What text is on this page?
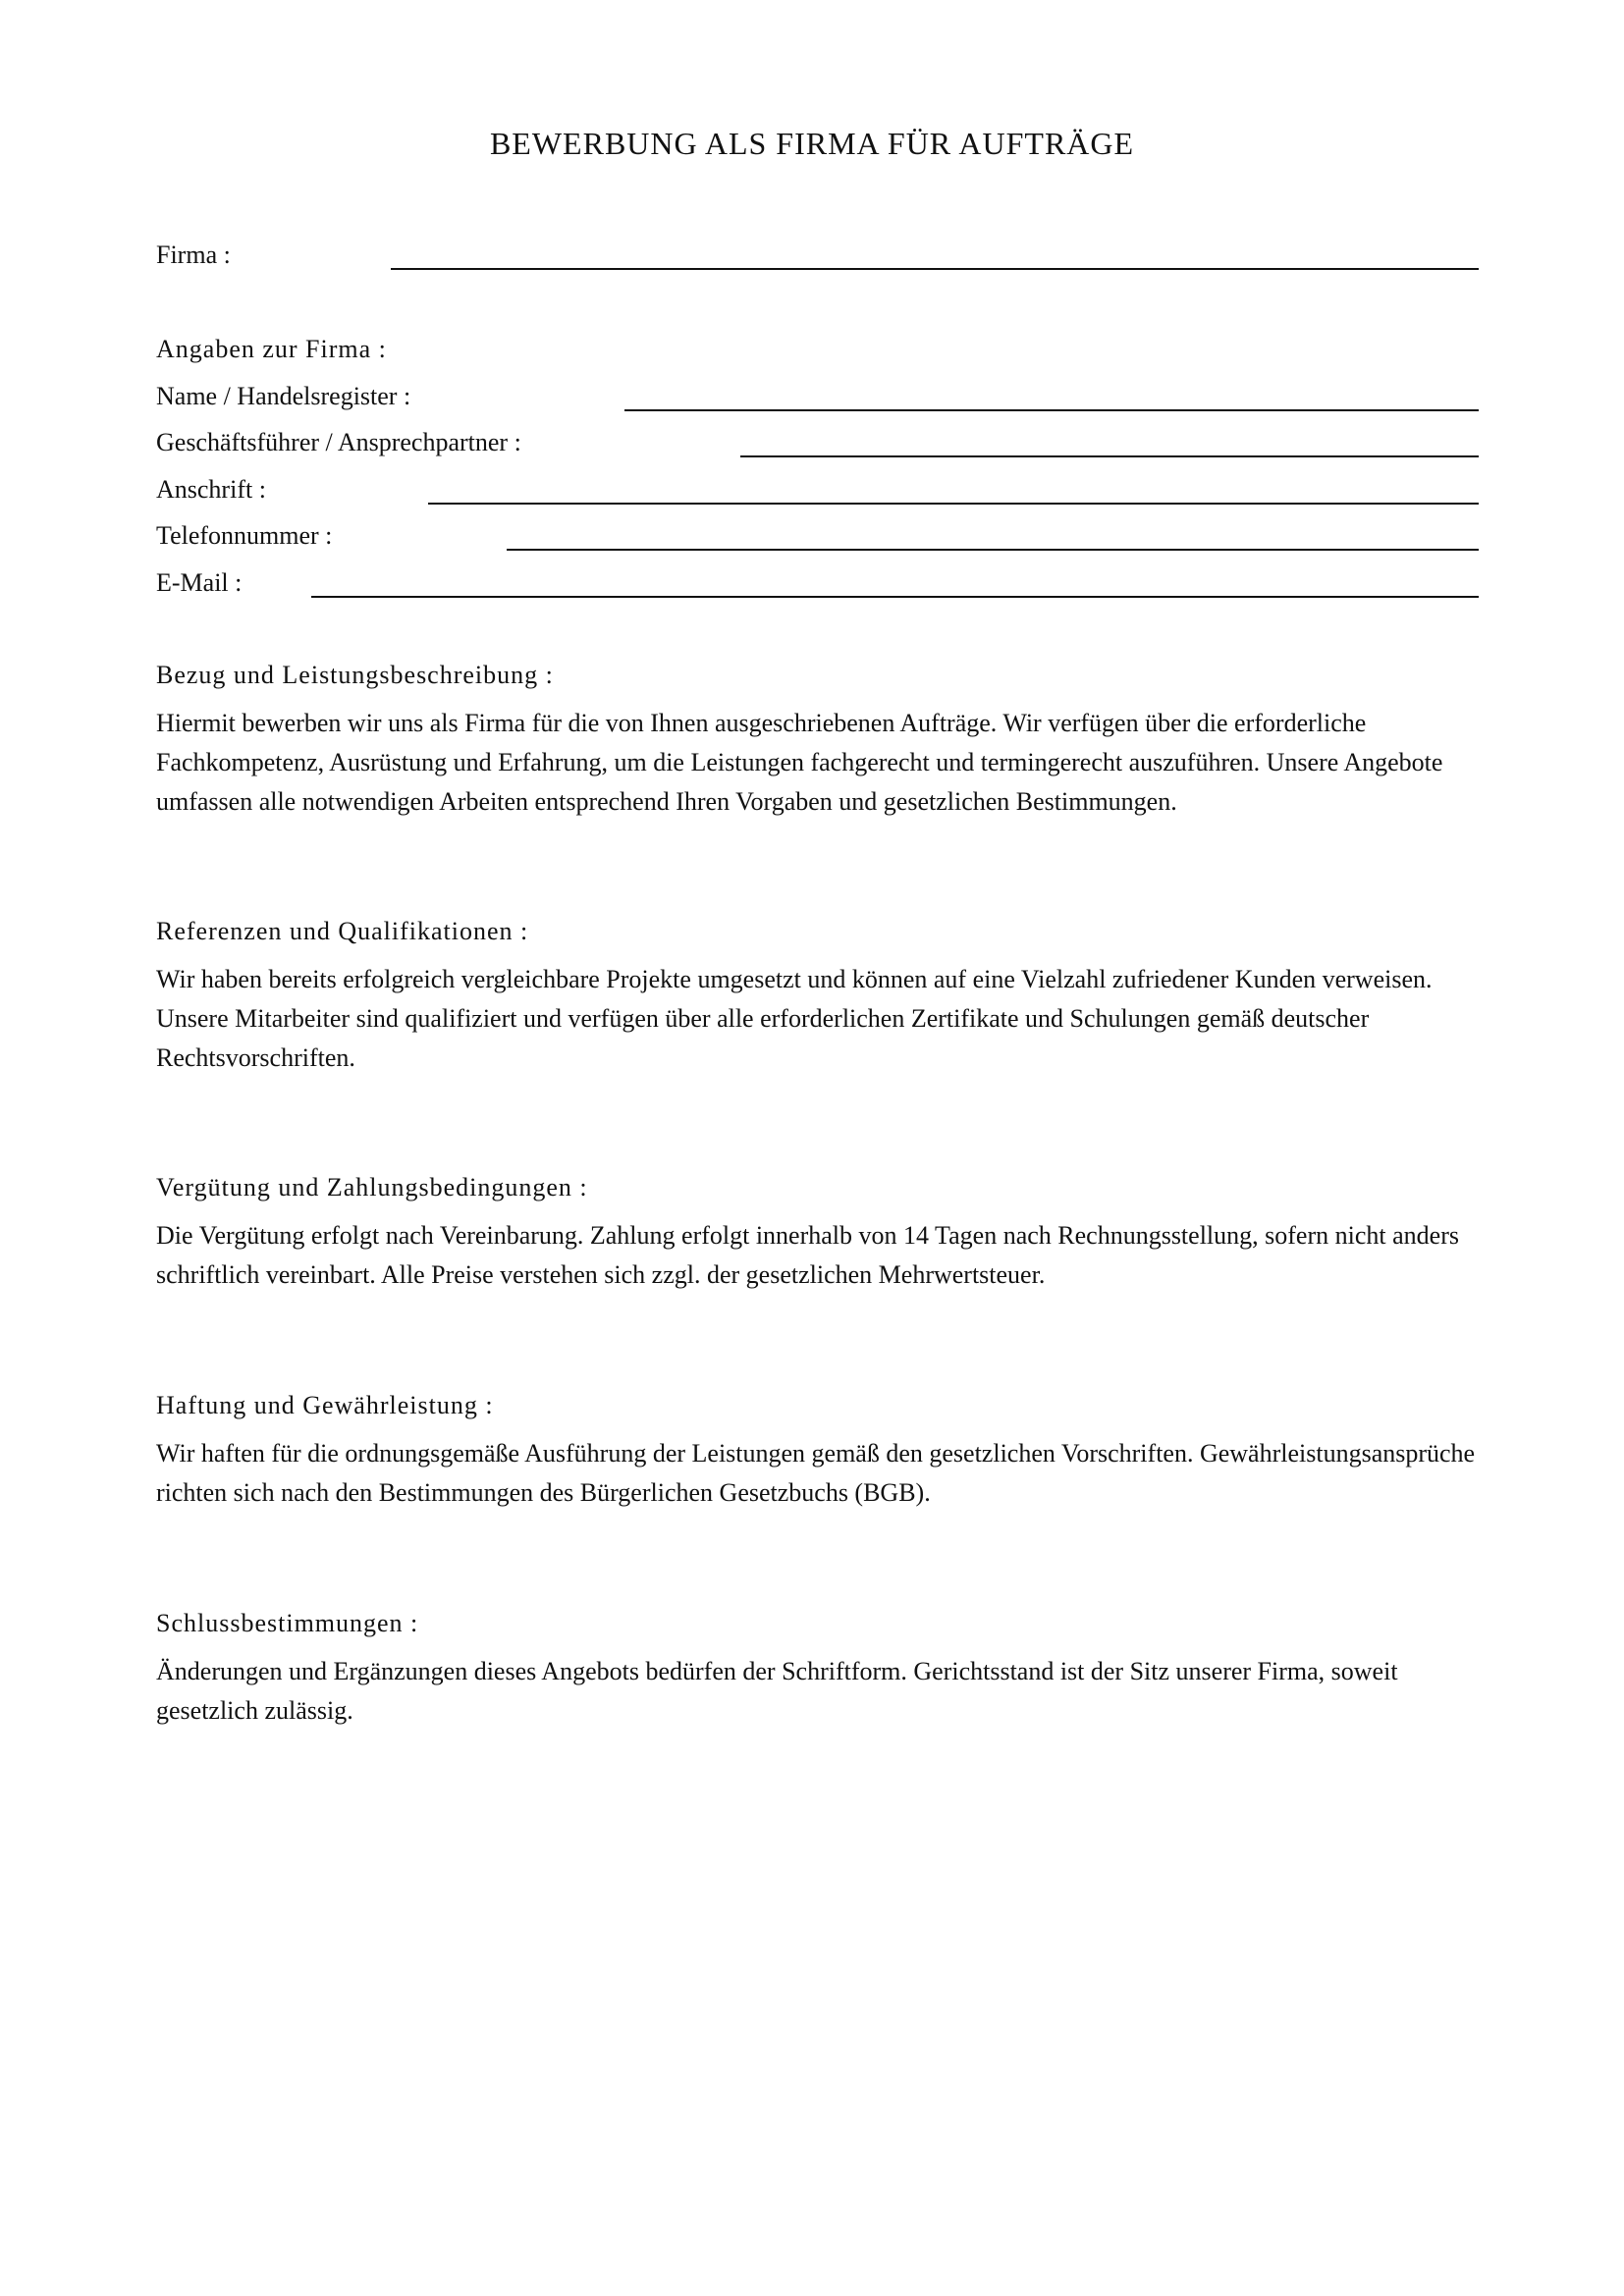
BEWERBUNG ALS FIRMA FÜR AUFTRÄGE
Firma :
Angaben zur Firma :
Name / Handelsregister :
Geschäftsführer / Ansprechpartner :
Anschrift :
Telefonnummer :
E-Mail :
Bezug und Leistungsbeschreibung :
Hiermit bewerben wir uns als Firma für die von Ihnen ausgeschriebenen Aufträge. Wir verfügen über die erforderliche Fachkompetenz, Ausrüstung und Erfahrung, um die Leistungen fachgerecht und termingerecht auszuführen. Unsere Angebote umfassen alle notwendigen Arbeiten entsprechend Ihren Vorgaben und gesetzlichen Bestimmungen.
Referenzen und Qualifikationen :
Wir haben bereits erfolgreich vergleichbare Projekte umgesetzt und können auf eine Vielzahl zufriedener Kunden verweisen. Unsere Mitarbeiter sind qualifiziert und verfügen über alle erforderlichen Zertifikate und Schulungen gemäß deutscher Rechtsvorschriften.
Vergütung und Zahlungsbedingungen :
Die Vergütung erfolgt nach Vereinbarung. Zahlung erfolgt innerhalb von 14 Tagen nach Rechnungsstellung, sofern nicht anders schriftlich vereinbart. Alle Preise verstehen sich zzgl. der gesetzlichen Mehrwertsteuer.
Haftung und Gewährleistung :
Wir haften für die ordnungsgemäße Ausführung der Leistungen gemäß den gesetzlichen Vorschriften. Gewährleistungsansprüche richten sich nach den Bestimmungen des Bürgerlichen Gesetzbuchs (BGB).
Schlussbestimmungen :
Änderungen und Ergänzungen dieses Angebots bedürfen der Schriftform. Gerichtsstand ist der Sitz unserer Firma, soweit gesetzlich zulässig.
